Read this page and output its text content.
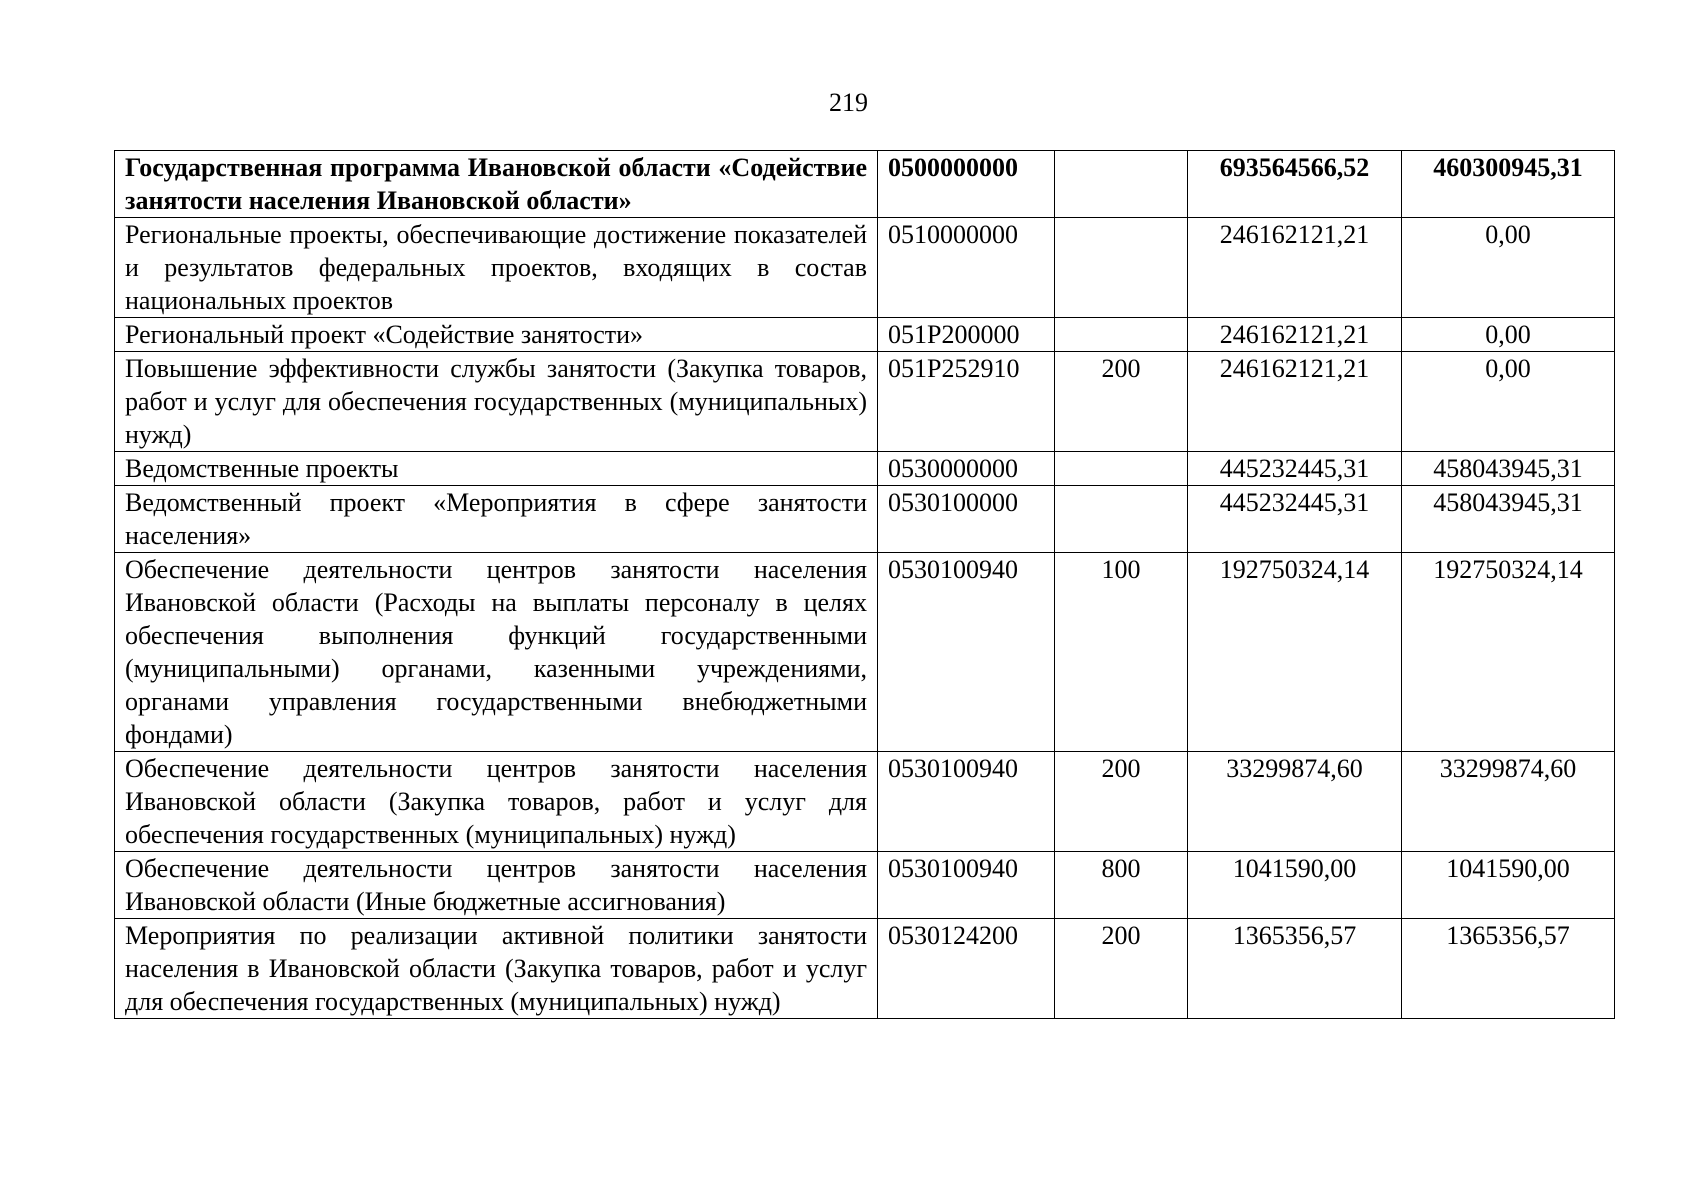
219
Государственная программа Ивановской области «Содействие занятости населения Ивановской области»	0500000000		693564566,52	460300945,31
Региональные проекты, обеспечивающие достижение показателей и результатов федеральных проектов, входящих в состав национальных проектов	0510000000		246162121,21	0,00
Региональный проект «Содействие занятости»	051P200000		246162121,21	0,00
Повышение эффективности службы занятости (Закупка товаров, работ и услуг для обеспечения государственных (муниципальных) нужд)	051P252910	200	246162121,21	0,00
Ведомственные проекты	0530000000		445232445,31	458043945,31
Ведомственный проект «Мероприятия в сфере занятости населения»	0530100000		445232445,31	458043945,31
Обеспечение деятельности центров занятости населения Ивановской области (Расходы на выплаты персоналу в целях обеспечения выполнения функций государственными (муниципальными) органами, казенными учреждениями, органами управления государственными внебюджетными фондами)	0530100940	100	192750324,14	192750324,14
Обеспечение деятельности центров занятости населения Ивановской области (Закупка товаров, работ и услуг для обеспечения государственных (муниципальных) нужд)	0530100940	200	33299874,60	33299874,60
Обеспечение деятельности центров занятости населения Ивановской области (Иные бюджетные ассигнования)	0530100940	800	1041590,00	1041590,00
Мероприятия по реализации активной политики занятости населения в Ивановской области (Закупка товаров, работ и услуг для обеспечения государственных (муниципальных) нужд)	0530124200	200	1365356,57	1365356,57
